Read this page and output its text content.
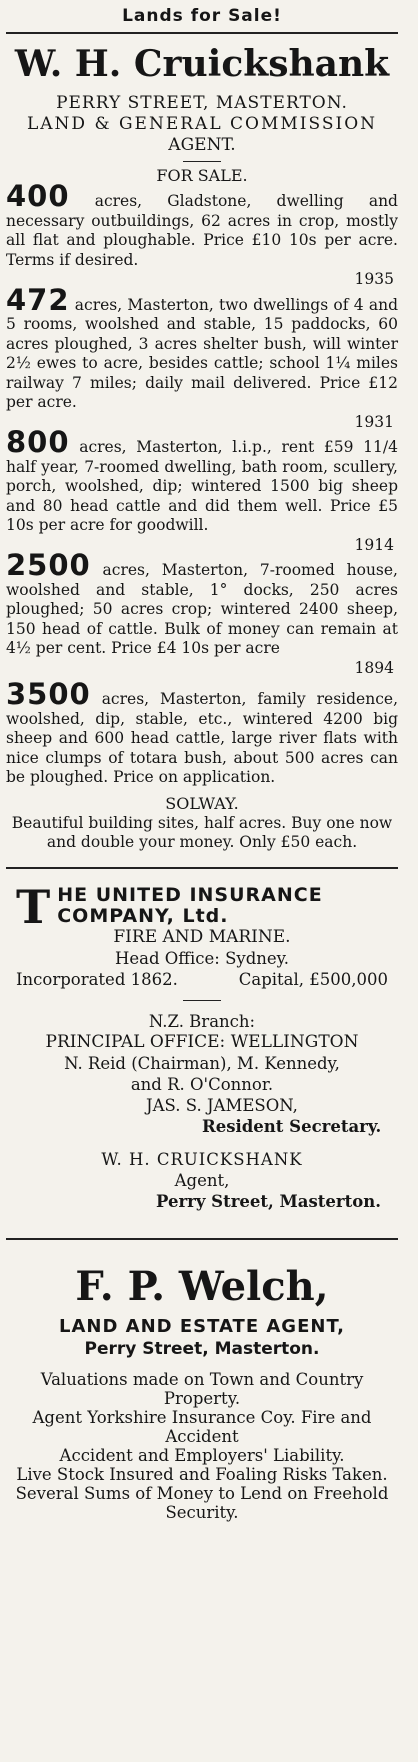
Lands for Sale!
W. H. Cruickshank
PERRY STREET, MASTERTON.
LAND & GENERAL COMMISSION
AGENT.
FOR SALE.
400 acres, Gladstone, dwelling and necessary outbuildings, 62 acres in crop, mostly all flat and ploughable. Price £10 10s per acre. Terms if desired.
1935
472 acres, Masterton, two dwellings of 4 and 5 rooms, woolshed and stable, 15 paddocks, 60 acres ploughed, 3 acres shelter bush, will winter 2½ ewes to acre, besides cattle; school 1¼ miles railway 7 miles; daily mail delivered. Price £12 per acre.
1931
800 acres, Masterton, l.i.p., rent £59 11/4 half year, 7-roomed dwelling, bath room, scullery, porch, woolshed, dip; wintered 1500 big sheep and 80 head cattle and did them well. Price £5 10s per acre for goodwill.
1914
2500 acres, Masterton, 7-roomed house, woolshed and stable, 1° docks, 250 acres ploughed; 50 acres crop; wintered 2400 sheep, 150 head of cattle. Bulk of money can remain at 4½ per cent. Price £4 10s per acre
1894
3500 acres, Masterton, family residence, woolshed, dip, stable, etc., wintered 4200 big sheep and 600 head cattle, large river flats with nice clumps of totara bush, about 500 acres can be ploughed. Price on application.
SOLWAY.
Beautiful building sites, half acres. Buy one now and double your money. Only £50 each.
T HE UNITED INSURANCE
COMPANY, Ltd.
FIRE AND MARINE.
Head Office: Sydney.
Incorporated 1862.	Capital, £500,000
N.Z. Branch:
PRINCIPAL OFFICE: WELLINGTON
N. Reid (Chairman), M. Kennedy,
and R. O'Connor.
JAS. S. JAMESON,
Resident Secretary.
W. H. CRUICKSHANK
Agent,
Perry Street, Masterton.
F. P. Welch,
LAND AND ESTATE AGENT,
Perry Street, Masterton.
Valuations made on Town and Country Property.
Agent Yorkshire Insurance Coy. Fire and Accident
Accident and Employers' Liability.
Live Stock Insured and Foaling Risks Taken.
Several Sums of Money to Lend on Freehold Security.
